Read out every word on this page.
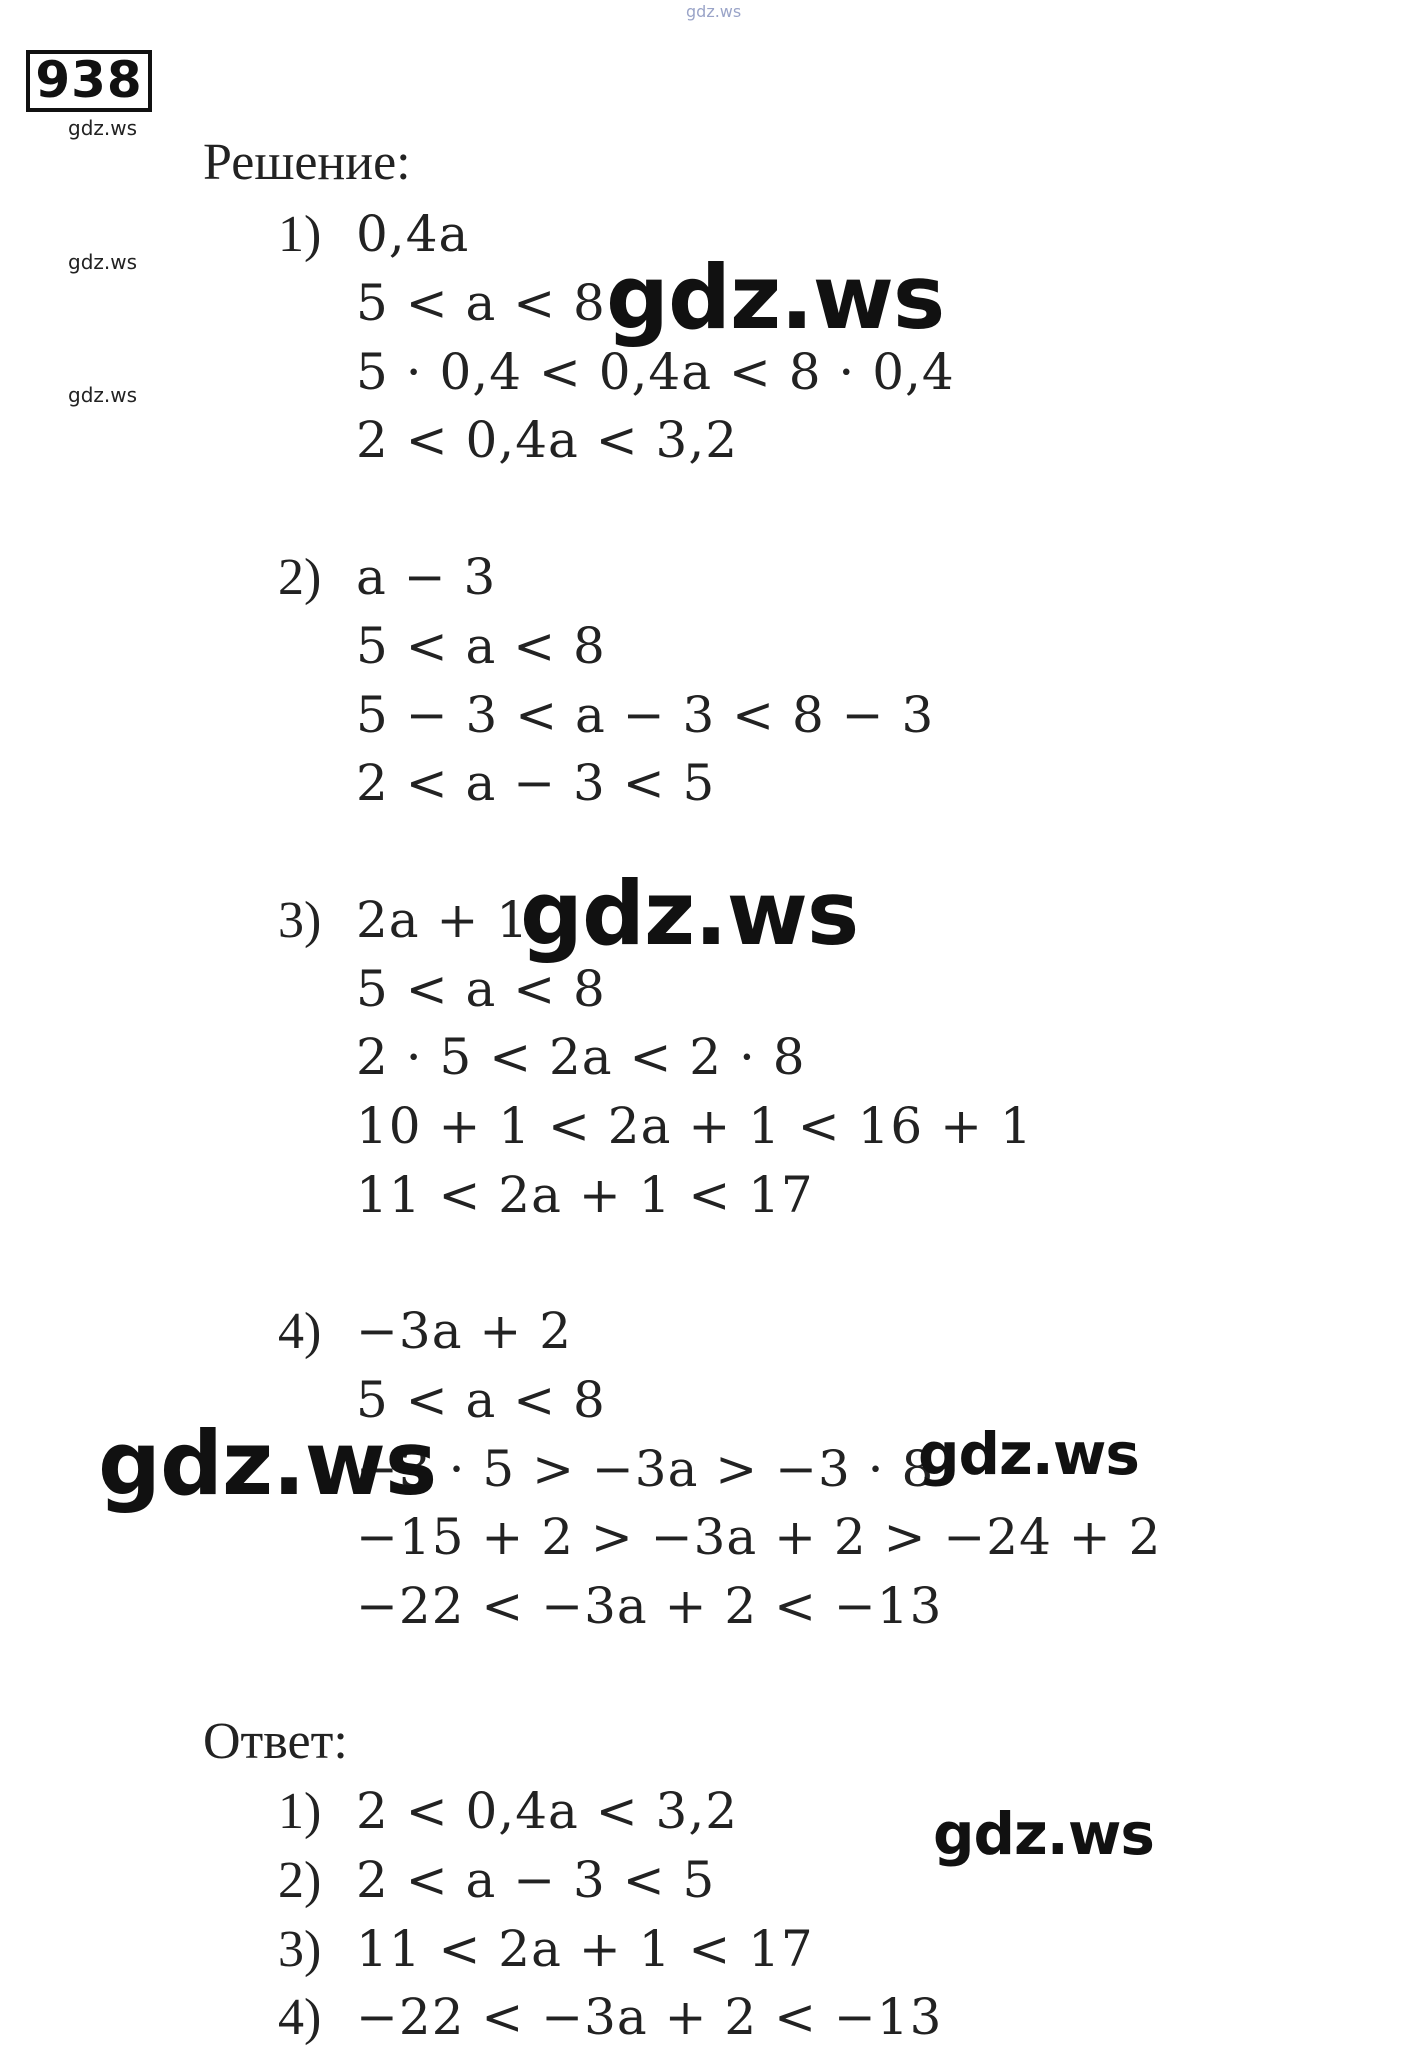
gdz.ws
938
gdz.ws
gdz.ws
gdz.ws
Решение:
1) 0,4a
5 < a < 8
5 · 0,4 < 0,4a < 8 · 0,4
2 < 0,4a < 3,2
2) a − 3
5 < a < 8
5 − 3 < a − 3 < 8 − 3
2 < a − 3 < 5
3) 2a + 1
5 < a < 8
2 · 5 < 2a < 2 · 8
10 + 1 < 2a + 1 < 16 + 1
11 < 2a + 1 < 17
4) −3a + 2
5 < a < 8
−3 · 5 > −3a > −3 · 8
−15 + 2 > −3a + 2 > −24 + 2
−22 < −3a + 2 < −13
Ответ:
1) 2 < 0,4a < 3,2
2) 2 < a − 3 < 5
3) 11 < 2a + 1 < 17
4) −22 < −3a + 2 < −13
gdz.ws
gdz.ws
gdz.ws	gdz.ws
gdz.ws
